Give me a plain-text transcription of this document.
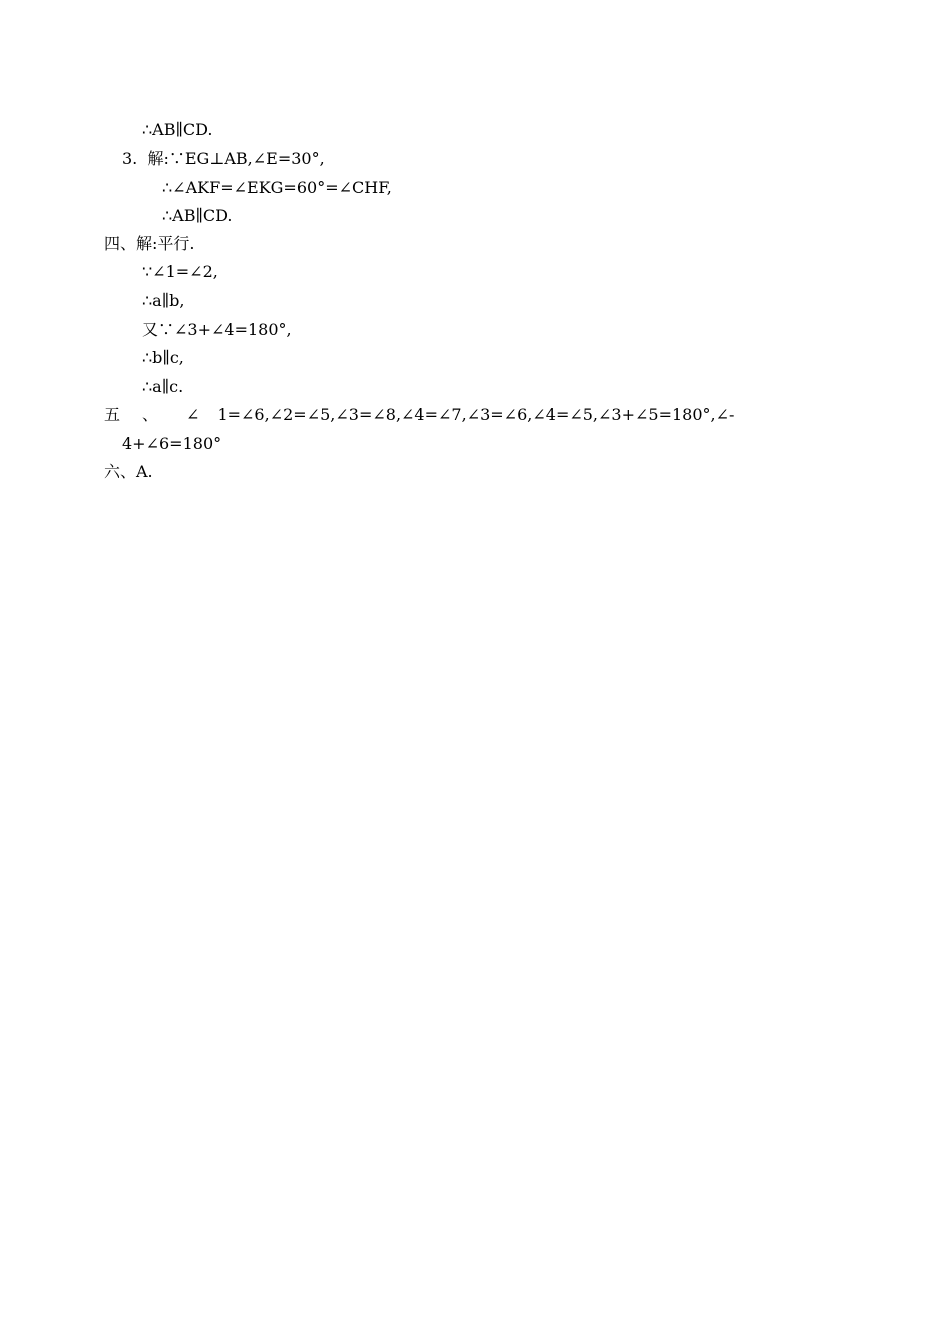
∴AB∥CD.
3.  解:∵EG⊥AB,∠E=30°,
∴∠AKF=∠EKG=60°=∠CHF,
∴AB∥CD.
四、解:平行.
∵∠1=∠2,
∴a∥b,
又∵∠3+∠4=180°,
∴b∥c,
∴a∥c.
五 、 ∠ 1=∠6,∠2=∠5,∠3=∠8,∠4=∠7,∠3=∠6,∠4=∠5,∠3+∠5=180°,∠-
4+∠6=180°
六、A.
